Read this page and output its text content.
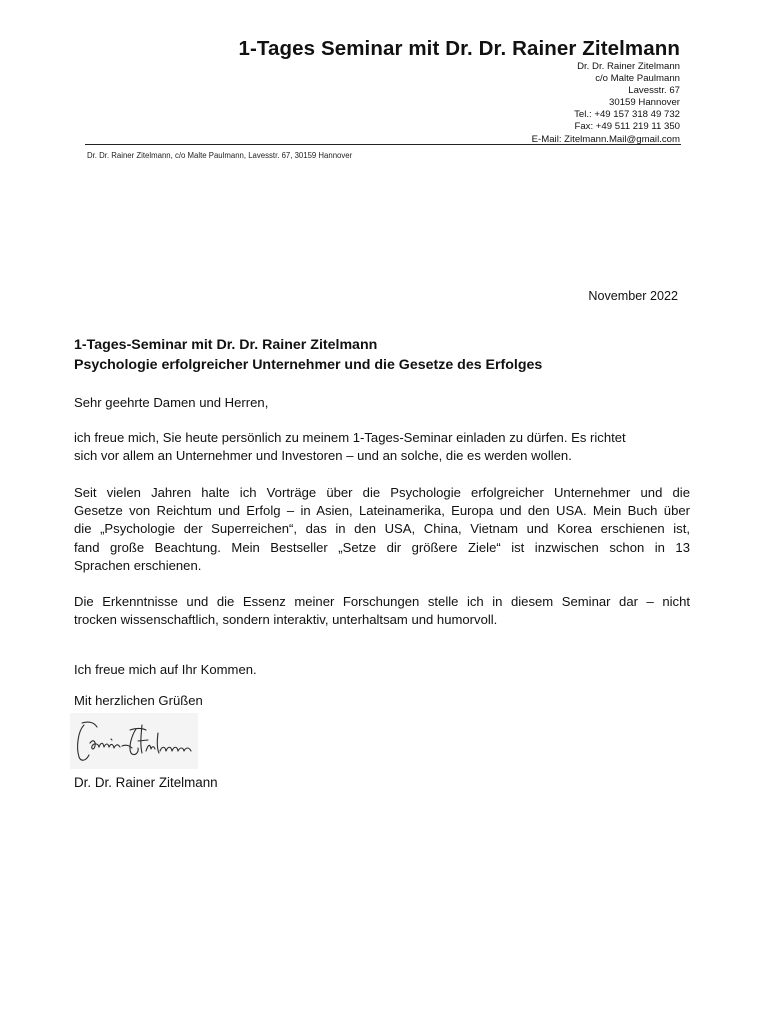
1-Tages Seminar mit Dr. Dr. Rainer Zitelmann
Dr. Dr. Rainer Zitelmann
c/o Malte Paulmann
Lavesstr. 67
30159 Hannover
Tel.: +49 157 318 49 732
Fax: +49 511 219 11 350
E-Mail: Zitelmann.Mail@gmail.com
Dr. Dr. Rainer Zitelmann, c/o Malte Paulmann, Lavesstr. 67, 30159 Hannover
November 2022
1-Tages-Seminar mit Dr. Dr. Rainer Zitelmann
Psychologie erfolgreicher Unternehmer und die Gesetze des Erfolges
Sehr geehrte Damen und Herren,
ich freue mich, Sie heute persönlich zu meinem 1-Tages-Seminar einladen zu dürfen. Es richtet
sich vor allem an Unternehmer und Investoren – und an solche, die es werden wollen.
Seit vielen Jahren halte ich Vorträge über die Psychologie erfolgreicher Unternehmer und die
Gesetze von Reichtum und Erfolg – in Asien, Lateinamerika, Europa und den USA. Mein Buch über
die „Psychologie der Superreichen“, das in den USA, China, Vietnam und Korea erschienen ist,
fand große Beachtung. Mein Bestseller „Setze dir größere Ziele“ ist inzwischen schon in 13
Sprachen erschienen.
Die Erkenntnisse und die Essenz meiner Forschungen stelle ich in diesem Seminar dar – nicht
trocken wissenschaftlich, sondern interaktiv, unterhaltsam und humorvoll.
Ich freue mich auf Ihr Kommen.
Mit herzlichen Grüßen
Dr. Dr. Rainer Zitelmann
